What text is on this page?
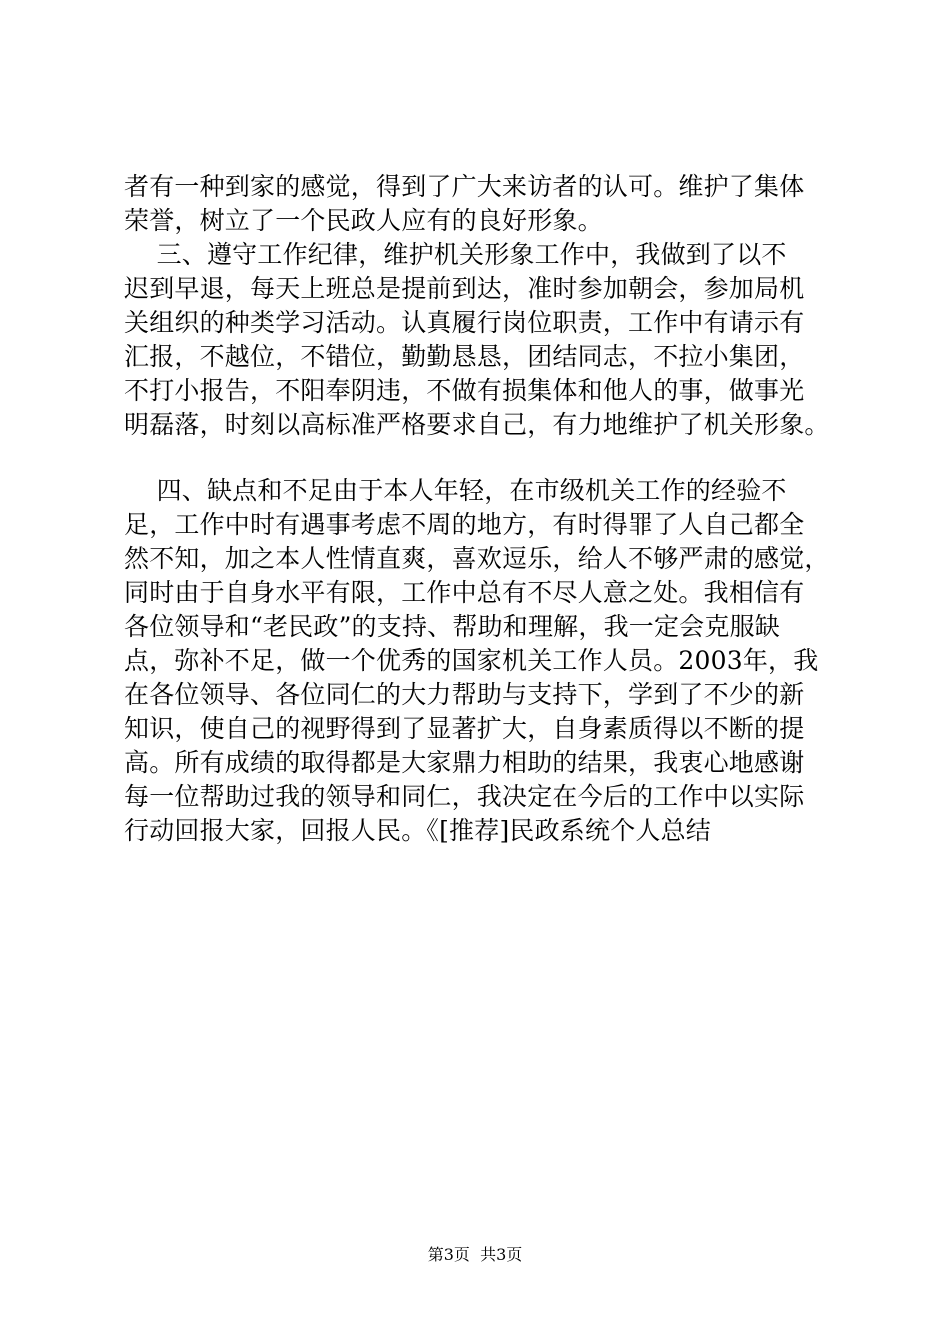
者有一种到家的感觉，得到了广大来访者的认可。维护了集体
荣誉，树立了一个民政人应有的良好形象。
三、遵守工作纪律，维护机关形象工作中，我做到了以不
迟到早退，每天上班总是提前到达，准时参加朝会，参加局机
关组织的种类学习活动。认真履行岗位职责，工作中有请示有
汇报，不越位，不错位，勤勤恳恳，团结同志，不拉小集团，
不打小报告，不阳奉阴违，不做有损集体和他人的事，做事光
明磊落，时刻以高标准严格要求自己，有力地维护了机关形象。
四、缺点和不足由于本人年轻，在市级机关工作的经验不
足，工作中时有遇事考虑不周的地方，有时得罪了人自己都全
然不知，加之本人性情直爽，喜欢逗乐，给人不够严肃的感觉，
同时由于自身水平有限，工作中总有不尽人意之处。我相信有
各位领导和“老民政”的支持、帮助和理解，我一定会克服缺
点，弥补不足，做一个优秀的国家机关工作人员。2003年，我
在各位领导、各位同仁的大力帮助与支持下，学到了不少的新
知识，使自己的视野得到了显著扩大，自身素质得以不断的提
高。所有成绩的取得都是大家鼎力相助的结果，我衷心地感谢
每一位帮助过我的领导和同仁，我决定在今后的工作中以实际
行动回报大家，回报人民。《[推荐]民政系统个人总结
第3页  共3页
